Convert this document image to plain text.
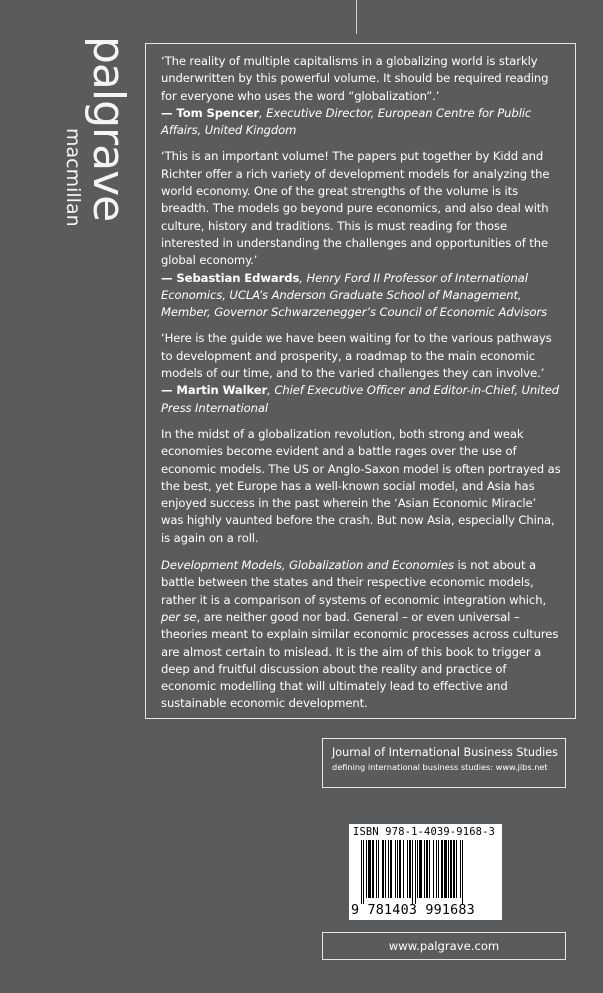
palgrave
macmillan

‘The reality of multiple capitalisms in a globalizing world is starkly underwritten by this powerful volume. It should be required reading for everyone who uses the word “globalization”.’
— Tom Spencer, Executive Director, European Centre for Public Affairs, United Kingdom

‘This is an important volume! The papers put together by Kidd and Richter offer a rich variety of development models for analyzing the world economy. One of the great strengths of the volume is its breadth. The models go beyond pure economics, and also deal with culture, history and traditions. This is must reading for those interested in understanding the challenges and opportunities of the global economy.’
— Sebastian Edwards, Henry Ford II Professor of International Economics, UCLA’s Anderson Graduate School of Management, Member, Governor Schwarzenegger’s Council of Economic Advisors

‘Here is the guide we have been waiting for to the various pathways to development and prosperity, a roadmap to the main economic models of our time, and to the varied challenges they can involve.’
— Martin Walker, Chief Executive Officer and Editor-in-Chief, United Press International

In the midst of a globalization revolution, both strong and weak economies become evident and a battle rages over the use of economic models. The US or Anglo-Saxon model is often portrayed as the best, yet Europe has a well-known social model, and Asia has enjoyed success in the past wherein the ‘Asian Economic Miracle’ was highly vaunted before the crash. But now Asia, especially China, is again on a roll.

Development Models, Globalization and Economies is not about a battle between the states and their respective economic models, rather it is a comparison of systems of economic integration which, per se, are neither good nor bad. General – or even universal – theories meant to explain similar economic processes across cultures are almost certain to mislead. It is the aim of this book to trigger a deep and fruitful discussion about the reality and practice of economic modelling that will ultimately lead to effective and sustainable economic development.

Journal of International Business Studies
defining international business studies: www.jibs.net
ISBN 978-1-4039-9168-3
9 781403 991683
www.palgrave.com
